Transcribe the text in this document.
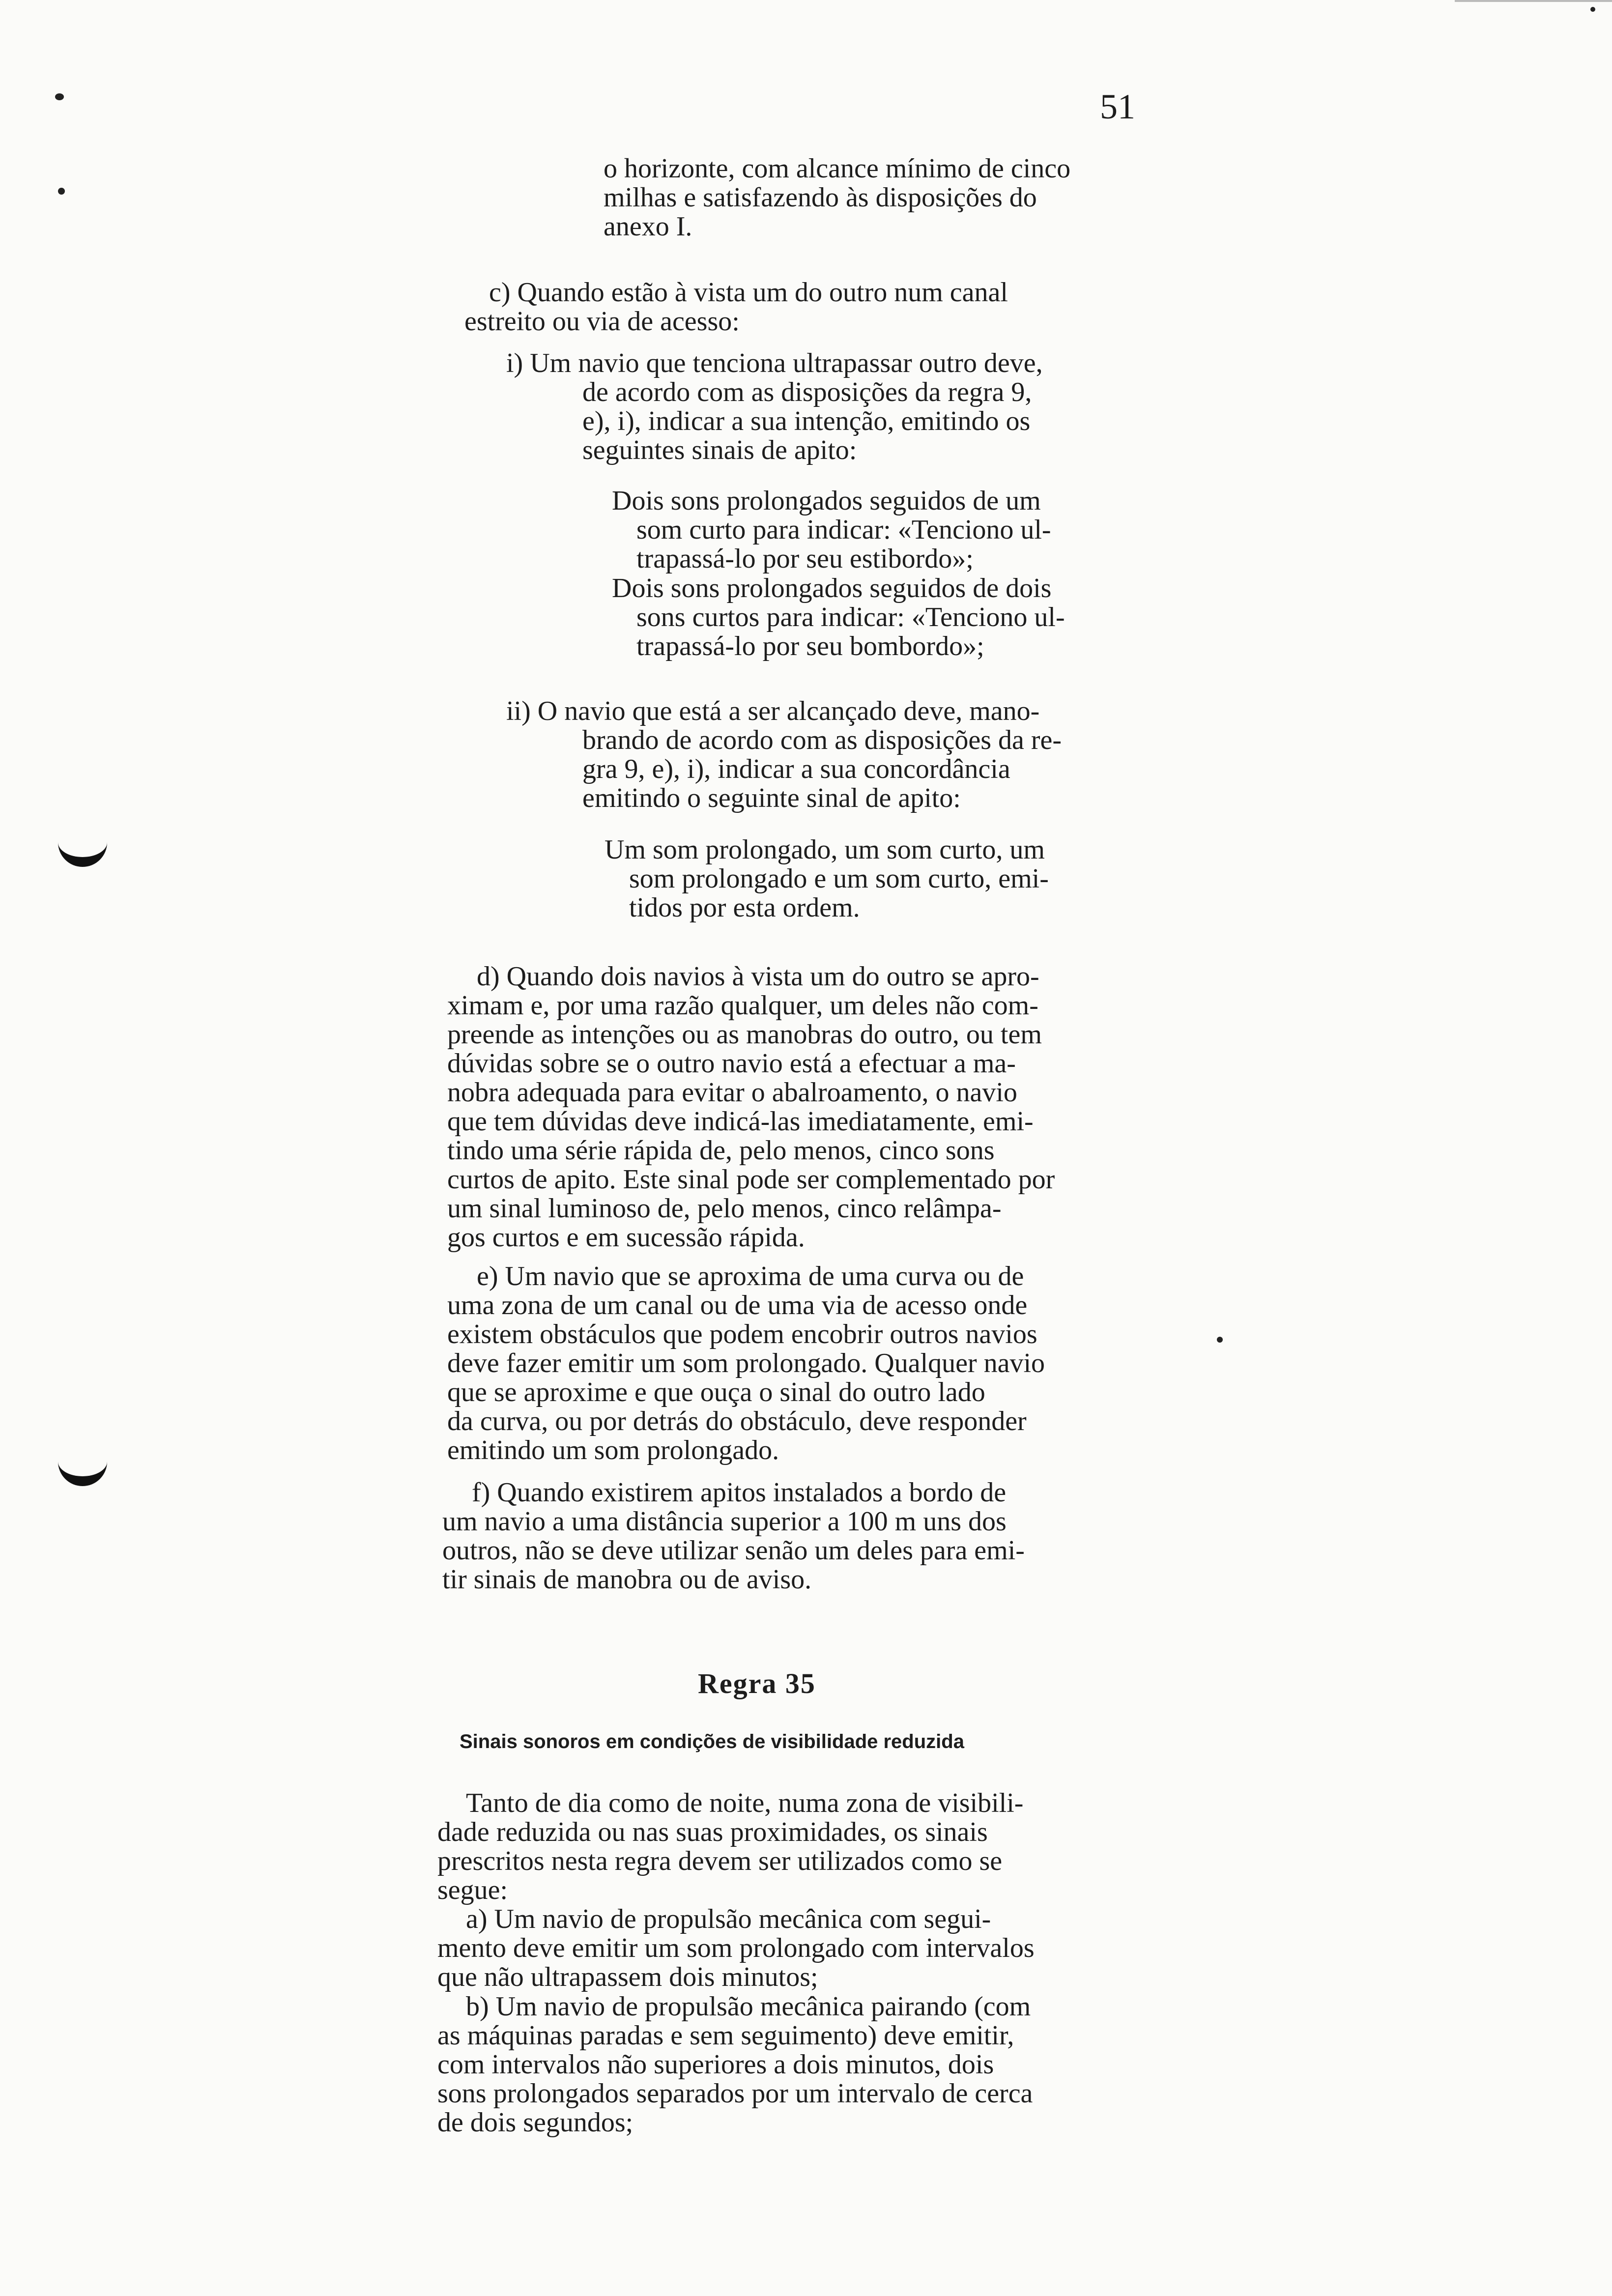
51

o horizonte, com alcance mínimo de cinco

milhas e satisfazendo às disposições do

anexo I.

c) Quando estão à vista um do outro num canal

estreito ou via de acesso:

i) Um navio que tenciona ultrapassar outro deve,

de acordo com as disposições da regra 9,

e), i), indicar a sua intenção, emitindo os

seguintes sinais de apito:

Dois sons prolongados seguidos de um

som curto para indicar: «Tenciono ul-

trapassá-lo por seu estibordo»;

Dois sons prolongados seguidos de dois

sons curtos para indicar: «Tenciono ul-

trapassá-lo por seu bombordo»;

ii) O navio que está a ser alcançado deve, mano-

brando de acordo com as disposições da re-

gra 9, e), i), indicar a sua concordância

emitindo o seguinte sinal de apito:

Um som prolongado, um som curto, um

som prolongado e um som curto, emi-

tidos por esta ordem.

d) Quando dois navios à vista um do outro se apro-

ximam e, por uma razão qualquer, um deles não com-

preende as intenções ou as manobras do outro, ou tem

dúvidas sobre se o outro navio está a efectuar a ma-

nobra adequada para evitar o abalroamento, o navio

que tem dúvidas deve indicá-las imediatamente, emi-

tindo uma série rápida de, pelo menos, cinco sons

curtos de apito. Este sinal pode ser complementado por

um sinal luminoso de, pelo menos, cinco relâmpa-

gos curtos e em sucessão rápida.

e) Um navio que se aproxima de uma curva ou de

uma zona de um canal ou de uma via de acesso onde

existem obstáculos que podem encobrir outros navios

deve fazer emitir um som prolongado. Qualquer navio

que se aproxime e que ouça o sinal do outro lado

da curva, ou por detrás do obstáculo, deve responder

emitindo um som prolongado.

f) Quando existirem apitos instalados a bordo de

um navio a uma distância superior a 100 m uns dos

outros, não se deve utilizar senão um deles para emi-

tir sinais de manobra ou de aviso.

Regra 35
Sinais sonoros em condições de visibilidade reduzida

Tanto de dia como de noite, numa zona de visibili-

dade reduzida ou nas suas proximidades, os sinais

prescritos nesta regra devem ser utilizados como se

segue:

a) Um navio de propulsão mecânica com segui-

mento deve emitir um som prolongado com intervalos

que não ultrapassem dois minutos;

b) Um navio de propulsão mecânica pairando (com

as máquinas paradas e sem seguimento) deve emitir,

com intervalos não superiores a dois minutos, dois

sons prolongados separados por um intervalo de cerca

de dois segundos;
